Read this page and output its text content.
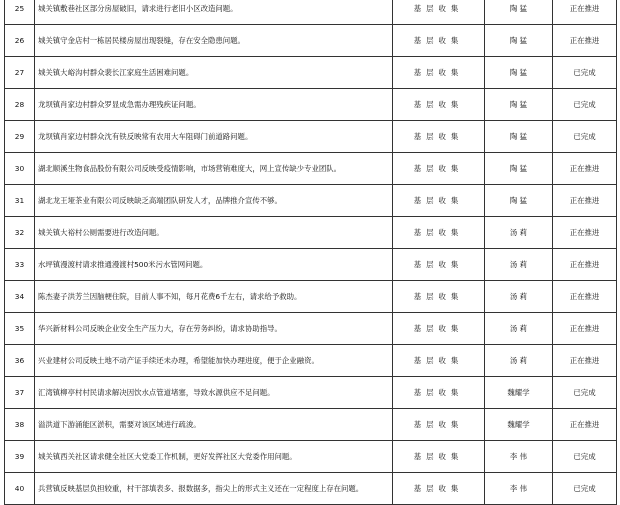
25	城关镇敷巷社区部分房屋破旧，请求进行老旧小区改造问题。	基层收集	陶 猛	正在推进
26	城关镇守金店村一栋居民楼房屋出现裂缝，存在安全隐患问题。	基层收集	陶 猛	正在推进
27	城关镇大峪沟村群众裴长江家庭生活困难问题。	基层收集	陶 猛	已完成
28	龙坝镇肖家边村群众罗显成急需办理残疾证问题。	基层收集	陶 猛	已完成
29	龙坝镇肖家边村群众沈有铁反映常有农用大车阻碍门前道路问题。	基层收集	陶 猛	已完成
30	湖北顺溪生物食品股份有限公司反映受疫情影响，市场营销难度大，网上宣传缺少专业团队。	基层收集	陶 猛	正在推进
31	湖北龙王垭茶业有限公司反映缺乏高端团队研发人才，品牌推介宣传不够。	基层收集	陶 猛	正在推进
32	城关镇大裕村公厕需要进行改造问题。	基层收集	汤 莉	正在推进
33	水坪镇漫渡村请求推通漫渡村500米污水管网问题。	基层收集	汤 莉	正在推进
34	陈杰妻子洪芳兰因脑梗住院，目前人事不知，每月花费6千左右，请求给予救助。	基层收集	汤 莉	正在推进
35	华兴新材料公司反映企业安全生产压力大，存在劳务纠纷，请求协助指导。	基层收集	汤 莉	正在推进
36	兴业建材公司反映土地不动产证手续还未办理，希望能加快办理进度，便于企业融资。	基层收集	汤 莉	正在推进
37	汇湾镇柳亭村村民请求解决因饮水点管道堵塞，导致水源供应不足问题。	基层收集	魏耀学	已完成
38	溢洪道下游涌能区淤积，需要对该区域进行疏浚。	基层收集	魏耀学	正在推进
39	城关镇西关社区请求健全社区大党委工作机制，更好发挥社区大党委作用问题。	基层收集	李 伟	已完成
40	兵营镇反映基层负担较重，村干部填表多、报数据多，指尖上的形式主义还在一定程度上存在问题。	基层收集	李 伟	已完成
